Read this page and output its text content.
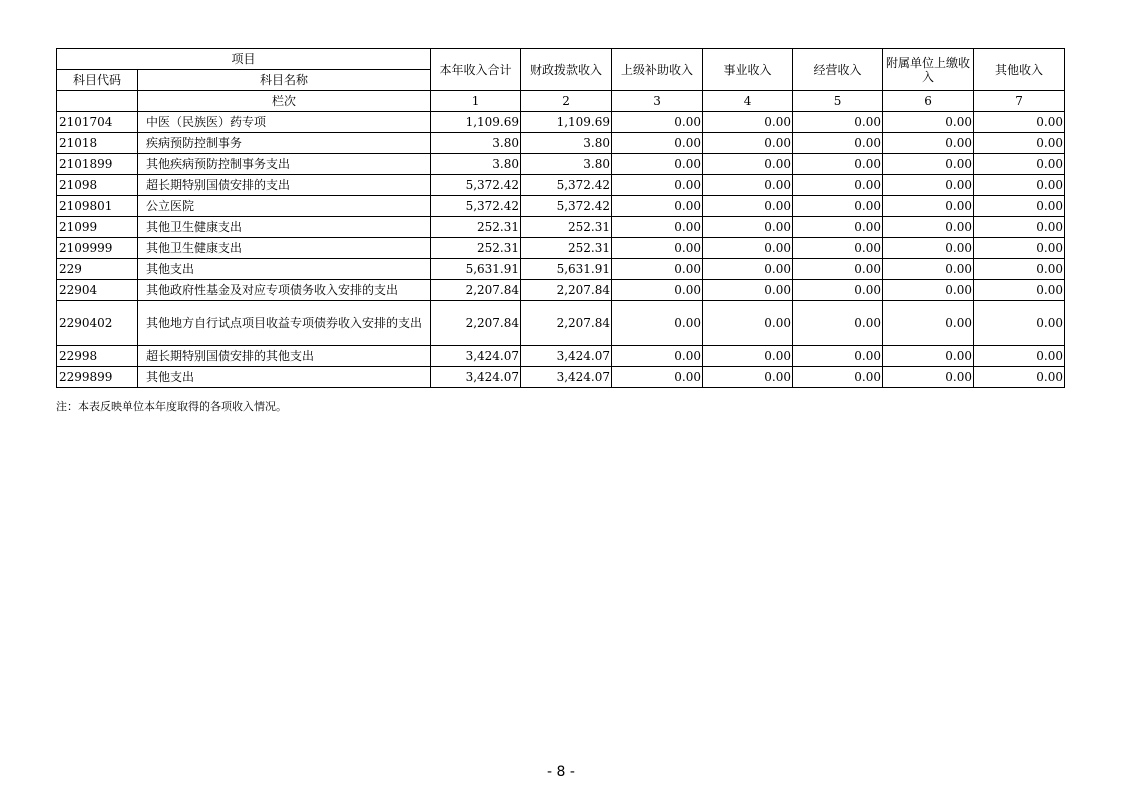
项目		本年收入合计	财政拨款收入	上级补助收入	事业收入	经营收入	附属单位上缴收入	其他收入
科目代码	科目名称							
	栏次	1	2	3	4	5	6	7
2101704	中医（民族医）药专项	1,109.69	1,109.69	0.00	0.00	0.00	0.00	0.00
21018	疾病预防控制事务	3.80	3.80	0.00	0.00	0.00	0.00	0.00
2101899	其他疾病预防控制事务支出	3.80	3.80	0.00	0.00	0.00	0.00	0.00
21098	超长期特别国债安排的支出	5,372.42	5,372.42	0.00	0.00	0.00	0.00	0.00
2109801	公立医院	5,372.42	5,372.42	0.00	0.00	0.00	0.00	0.00
21099	其他卫生健康支出	252.31	252.31	0.00	0.00	0.00	0.00	0.00
2109999	其他卫生健康支出	252.31	252.31	0.00	0.00	0.00	0.00	0.00
229	其他支出	5,631.91	5,631.91	0.00	0.00	0.00	0.00	0.00
22904	其他政府性基金及对应专项债务收入安排的支出	2,207.84	2,207.84	0.00	0.00	0.00	0.00	0.00
2290402	其他地方自行试点项目收益专项债券收入安排的支出	2,207.84	2,207.84	0.00	0.00	0.00	0.00	0.00
22998	超长期特别国债安排的其他支出	3,424.07	3,424.07	0.00	0.00	0.00	0.00	0.00
2299899	其他支出	3,424.07	3,424.07	0.00	0.00	0.00	0.00	0.00
注：本表反映单位本年度取得的各项收入情况。
- 8 -
